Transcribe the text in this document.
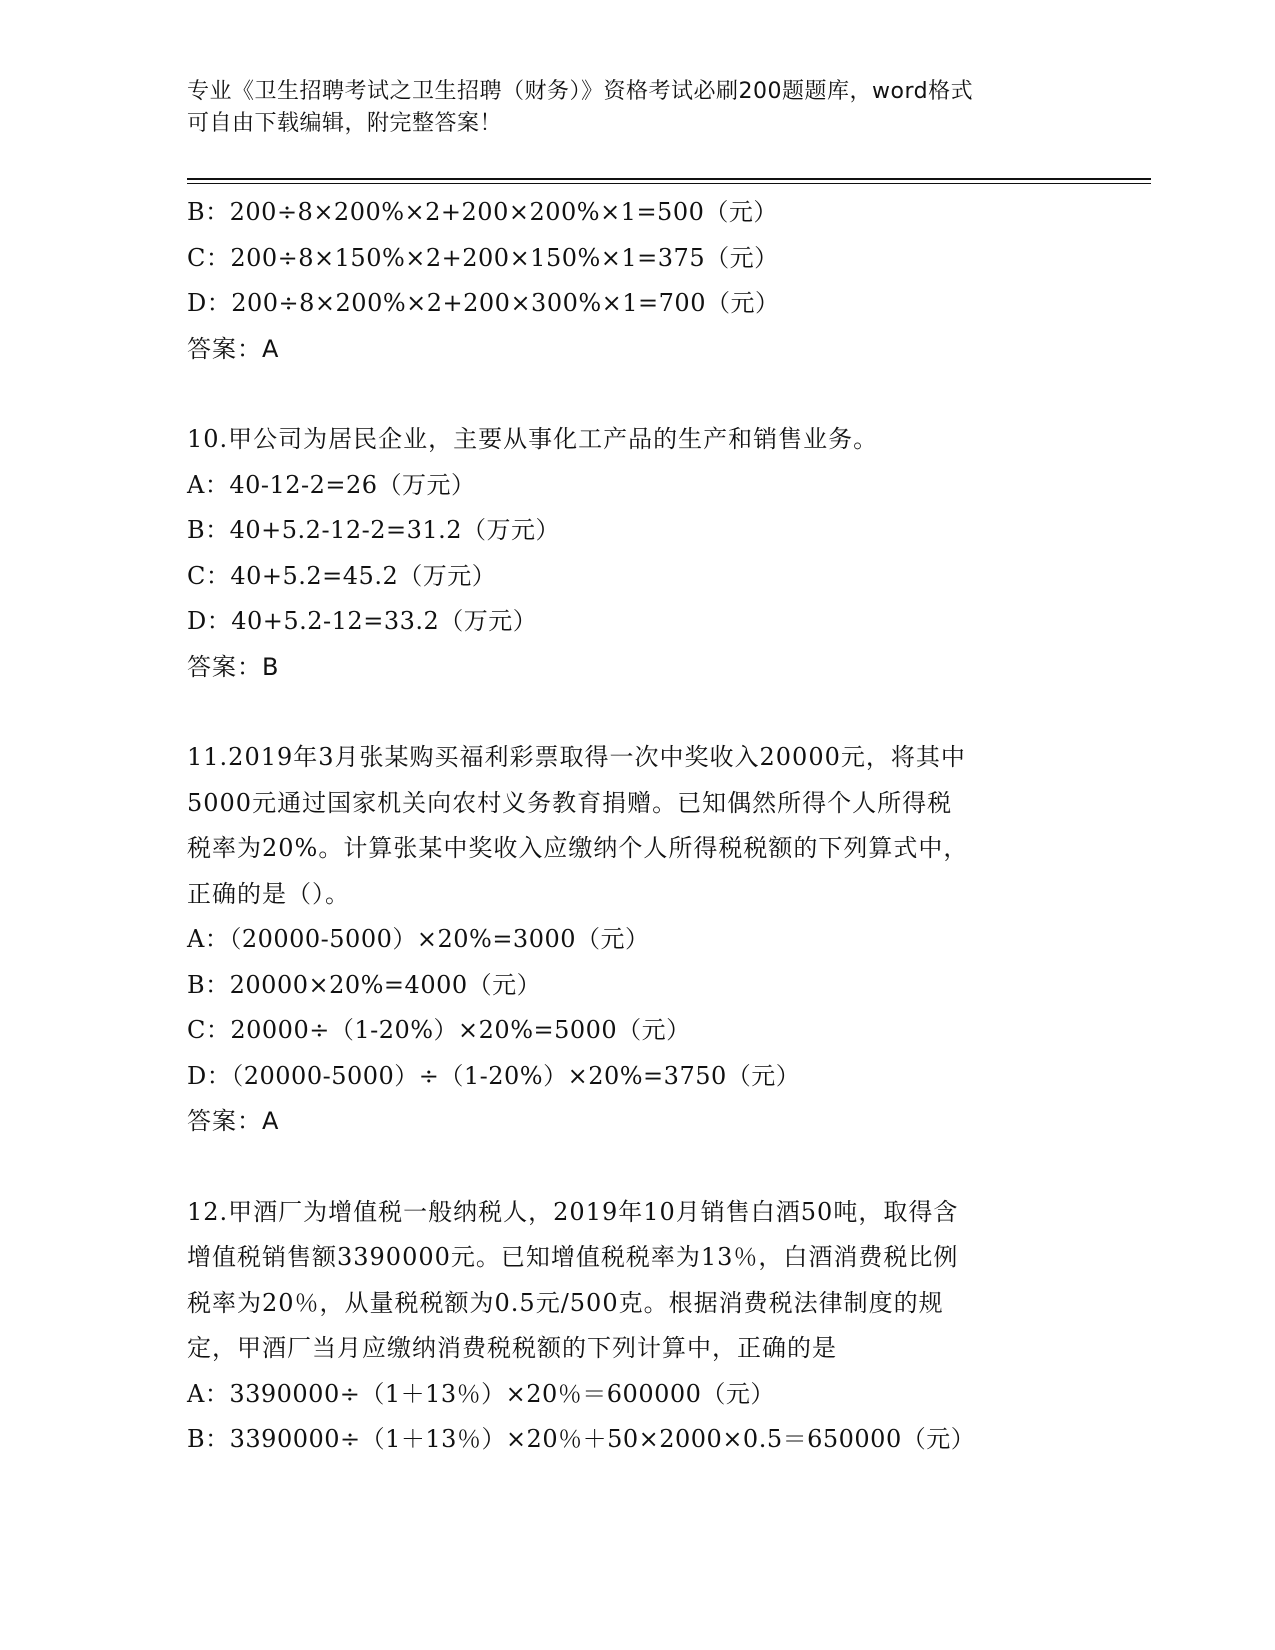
专业《卫生招聘考试之卫生招聘（财务）》资格考试必刷200题题库，word格式
可自由下载编辑，附完整答案！
B：200÷8×200%×2+200×200%×1=500（元）
C：200÷8×150%×2+200×150%×1=375（元）
D：200÷8×200%×2+200×300%×1=700（元）
答案：A
10.甲公司为居民企业，主要从事化工产品的生产和销售业务。
A：40-12-2=26（万元）
B：40+5.2-12-2=31.2（万元）
C：40+5.2=45.2（万元）
D：40+5.2-12=33.2（万元）
答案：B
11.2019年3月张某购买福利彩票取得一次中奖收入20000元，将其中
5000元通过国家机关向农村义务教育捐赠。已知偶然所得个人所得税
税率为20%。计算张某中奖收入应缴纳个人所得税税额的下列算式中，
正确的是（）。
A：（20000-5000）×20%=3000（元）
B：20000×20%=4000（元）
C：20000÷（1-20%）×20%=5000（元）
D：（20000-5000）÷（1-20%）×20%=3750（元）
答案：A
12.甲酒厂为增值税一般纳税人，2019年10月销售白酒50吨，取得含
增值税销售额3390000元。已知增值税税率为13％，白酒消费税比例
税率为20％，从量税税额为0.5元/500克。根据消费税法律制度的规
定，甲酒厂当月应缴纳消费税税额的下列计算中，正确的是
A：3390000÷（1＋13％）×20％＝600000（元）
B：3390000÷（1＋13％）×20％＋50×2000×0.5＝650000（元）
